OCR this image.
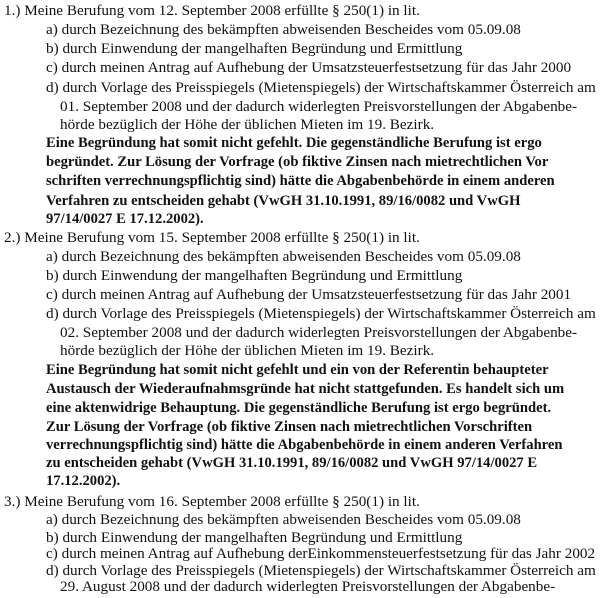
1.) Meine Berufung vom 12. September 2008 erfüllte § 250(1) in lit.
a) durch Bezeichnung des bekämpften abweisenden Bescheides vom 05.09.08
b) durch Einwendung der mangelhaften Begründung und Ermittlung
c) durch meinen Antrag auf Aufhebung der Umsatzsteuerfestsetzung für das Jahr 2000
d) durch Vorlage des Preisspiegels (Mietenspiegels) der Wirtschaftskammer Österreich am
01. September 2008 und der dadurch widerlegten Preisvorstellungen der Abgabenbe-
hörde bezüglich der Höhe der üblichen Mieten im 19. Bezirk.
Eine Begründung hat somit nicht gefehlt. Die gegenständliche Berufung ist ergo
begründet. Zur Lösung der Vorfrage (ob fiktive Zinsen nach mietrechtlichen Vor
schriften verrechnungspflichtig sind) hätte die Abgabenbehörde in einem anderen
Verfahren zu entscheiden gehabt (VwGH 31.10.1991, 89/16/0082 und VwGH
97/14/0027 E 17.12.2002).
2.) Meine Berufung vom 15. September 2008 erfüllte § 250(1) in lit.
a) durch Bezeichnung des bekämpften abweisenden Bescheides vom 05.09.08
b) durch Einwendung der mangelhaften Begründung und Ermittlung
c) durch meinen Antrag auf Aufhebung der Umsatzsteuerfestsetzung für das Jahr 2001
d) durch Vorlage des Preisspiegels (Mietenspiegels) der Wirtschaftskammer Österreich am
02. September 2008 und der dadurch widerlegten Preisvorstellungen der Abgabenbe-
hörde bezüglich der Höhe der üblichen Mieten im 19. Bezirk.
Eine Begründung hat somit nicht gefehlt und ein von der Referentin behaupteter
Austausch der Wiederaufnahmsgründe hat nicht stattgefunden. Es handelt sich um
eine aktenwidrige Behauptung. Die gegenständliche Berufung ist ergo begründet.
Zur Lösung der Vorfrage (ob fiktive Zinsen nach mietrechtlichen Vorschriften
verrechnungspflichtig sind) hätte die Abgabenbehörde in einem anderen Verfahren
zu entscheiden gehabt (VwGH 31.10.1991, 89/16/0082 und VwGH 97/14/0027 E
17.12.2002).
3.) Meine Berufung vom 16. September 2008 erfüllte § 250(1) in lit.
a) durch Bezeichnung des bekämpften abweisenden Bescheides vom 05.09.08
b) durch Einwendung der mangelhaften Begründung und Ermittlung
c) durch meinen Antrag auf Aufhebung derEinkommensteuerfestsetzung für das Jahr 2002
d) durch Vorlage des Preisspiegels (Mietenspiegels) der Wirtschaftskammer Österreich am
29. August 2008 und der dadurch widerlegten Preisvorstellungen der Abgabenbe-
